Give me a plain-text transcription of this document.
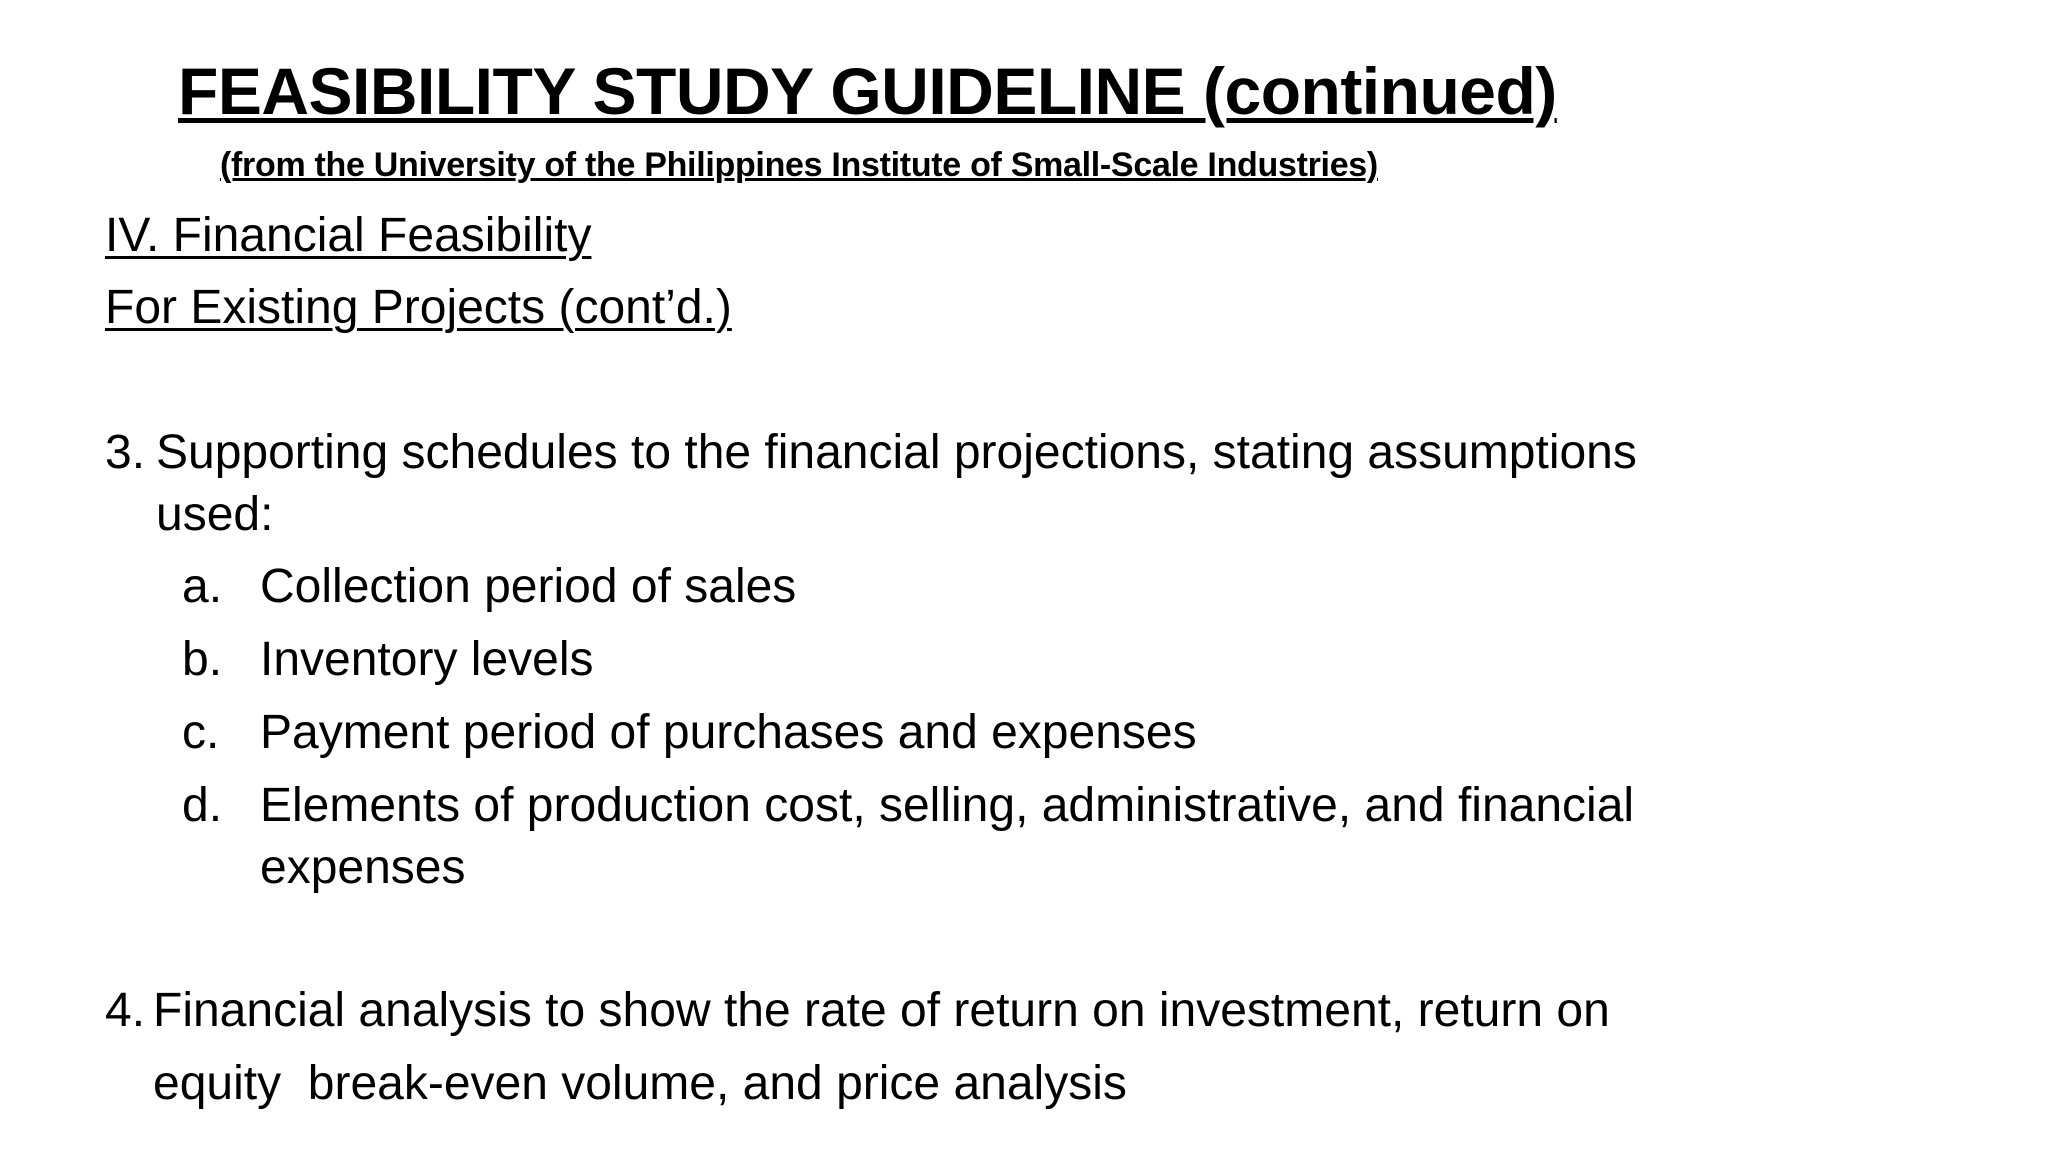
FEASIBILITY STUDY GUIDELINE (continued)
(from the University of the Philippines Institute of Small-Scale Industries)
IV. Financial Feasibility
For Existing Projects (cont’d.)
3. Supporting schedules to the financial projections, stating assumptions
used:
a. Collection period of sales
b. Inventory levels
c. Payment period of purchases and expenses
d. Elements of production cost, selling, administrative, and financial
expenses
4. Financial analysis to show the rate of return on investment, return on
equity  break-even volume, and price analysis
